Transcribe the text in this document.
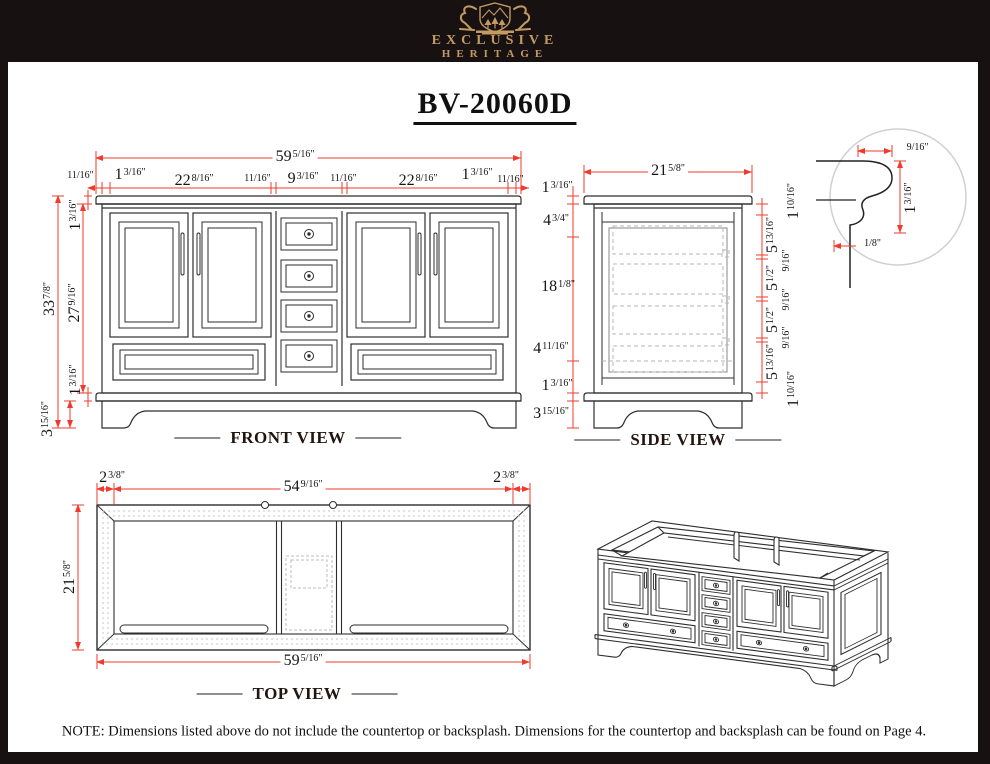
EXCLUSIVE
HERITAGE
BV-20060D
$59^{5/16"}$
$^{11/16"}$ $1^{3/16"}$ $22^{8/16"}$	$^{11/16"}$ $9^{3/16"}$ $^{11/16"}$	$22^{8/16"}$ $1^{3/16"}$
$^{11/16"}$
$33^{7/8"}$
$1^{3/16"}$
$27^{9/16"}$
$1^{3/16"}$
$3^{15/16"}$
$21^{5/8"}$
$1^{3/16"}$
$4^{3/4"}$
$18^{1/8"}$
$4^{11/16"}$
$1^{3/16"}$
$3^{15/16"}$
$1^{10/16"}$
$5^{13/16"}$
$^{9/16"}$
$5^{1/2"}$
$^{9/16"}$
$5^{1/2"}$
$^{9/16"}$
$5^{13/16"}$
$1^{10/16"}$
$^{9/16"}$
$1^{3/16"}$
$^{1/8"}$
$2^{3/8"}$
$54^{9/16"}$	$2^{3/8"}$
$21^{5/8"}$
$59^{5/16"}$
FRONT VIEW	SIDE VIEW
TOP VIEW
NOTE: Dimensions listed above do not include the countertop or backsplash. Dimensions for the countertop and backsplash can be found on Page 4.
